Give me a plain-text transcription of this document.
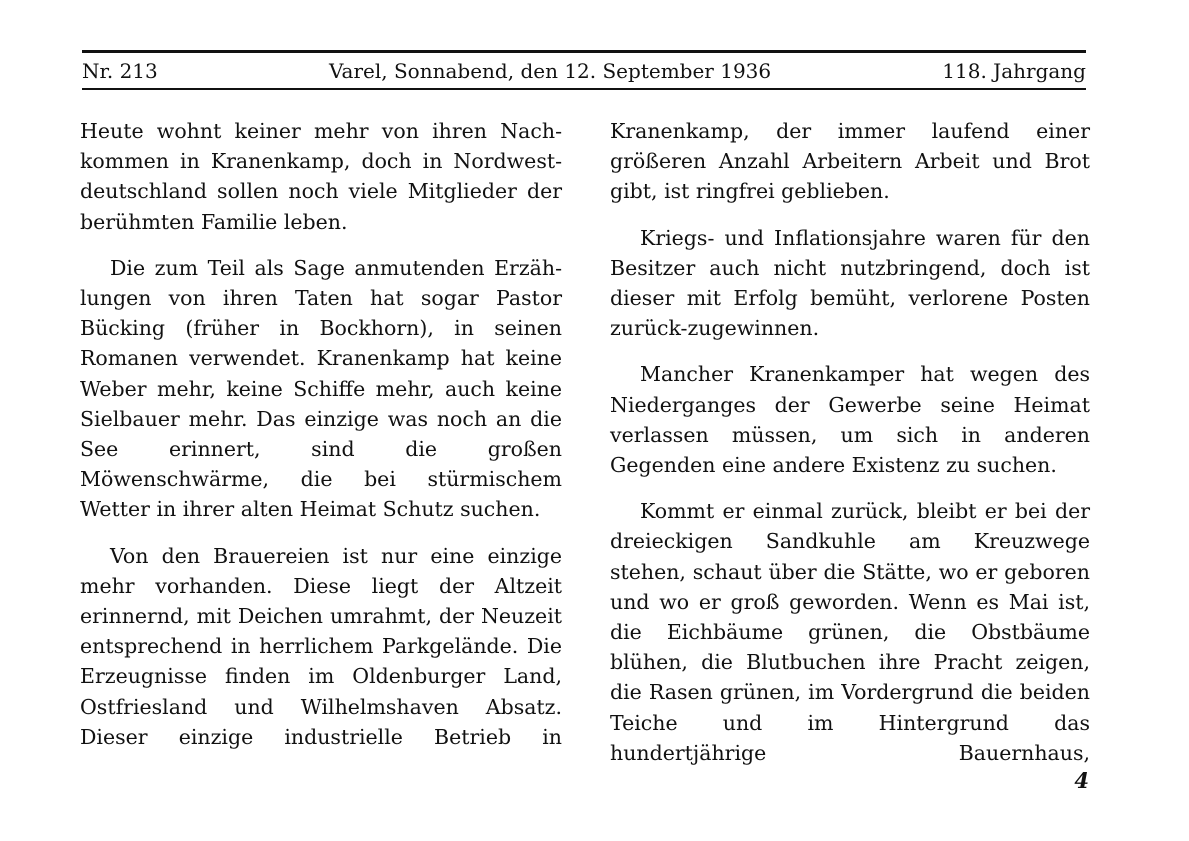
Nr. 213	Varel, Sonnabend, den 12. September 1936	118. Jahrgang

Heute wohnt keiner mehr von ihren Nach-kommen in Kranenkamp, doch in Nordwest-deutschland sollen noch viele Mitglieder der berühmten Familie leben.

Die zum Teil als Sage anmutenden Erzäh-lungen von ihren Taten hat sogar Pastor Bücking (früher in Bockhorn), in seinen Romanen verwendet. Kranenkamp hat keine Weber mehr, keine Schiffe mehr, auch keine Sielbauer mehr. Das einzige was noch an die See erinnert, sind die großen Möwenschwärme, die bei stürmischem Wetter in ihrer alten Heimat Schutz suchen.

Von den Brauereien ist nur eine einzige mehr vorhanden. Diese liegt der Altzeit erinnernd, mit Deichen umrahmt, der Neuzeit entsprechend in herrlichem Parkgelände. Die Erzeugnisse finden im Oldenburger Land, Ostfriesland und Wilhelmshaven Absatz. Dieser einzige industrielle Betrieb in

Kranenkamp, der immer laufend einer größeren Anzahl Arbeitern Arbeit und Brot gibt, ist ringfrei geblieben.

Kriegs- und Inflationsjahre waren für den Besitzer auch nicht nutzbringend, doch ist dieser mit Erfolg bemüht, verlorene Posten zurück-zugewinnen.

Mancher Kranenkamper hat wegen des Niederganges der Gewerbe seine Heimat verlassen müssen, um sich in anderen Gegenden eine andere Existenz zu suchen.

Kommt er einmal zurück, bleibt er bei der dreieckigen Sandkuhle am Kreuzwege stehen, schaut über die Stätte, wo er geboren und wo er groß geworden. Wenn es Mai ist, die Eichbäume grünen, die Obstbäume blühen, die Blutbuchen ihre Pracht zeigen, die Rasen grünen, im Vordergrund die beiden Teiche und im Hintergrund das hundertjährige Bauernhaus,

4
